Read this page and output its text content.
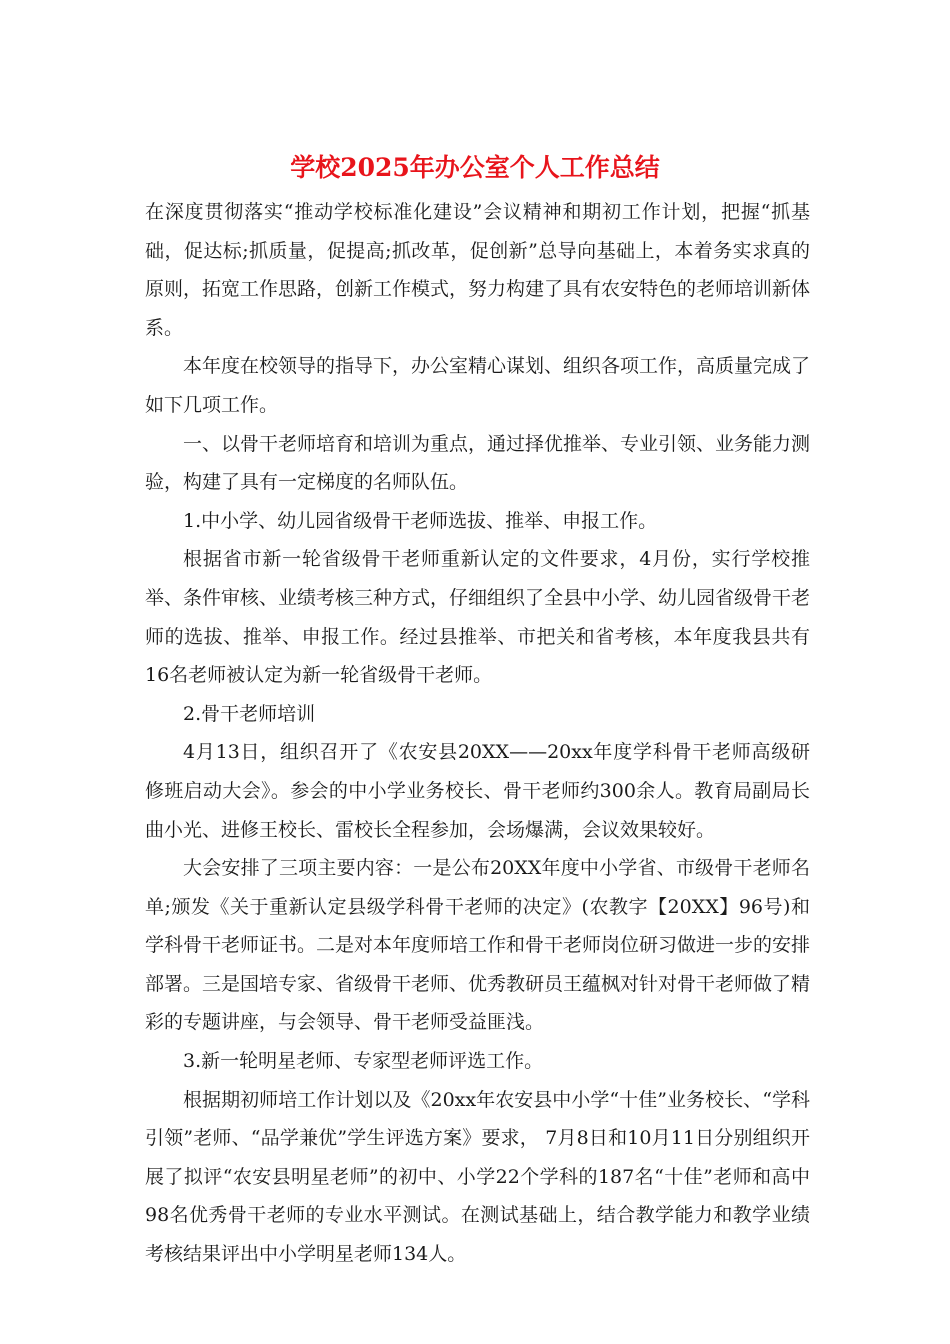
学校2025年办公室个人工作总结

在深度贯彻落实“推动学校标准化建设”会议精神和期初工作计划，把握“抓基础，促达标;抓质量，促提高;抓改革，促创新”总导向基础上，本着务实求真的原则，拓宽工作思路，创新工作模式，努力构建了具有农安特色的老师培训新体系。

本年度在校领导的指导下，办公室精心谋划、组织各项工作，高质量完成了如下几项工作。

一、以骨干老师培育和培训为重点，通过择优推举、专业引领、业务能力测验，构建了具有一定梯度的名师队伍。

1.中小学、幼儿园省级骨干老师选拔、推举、申报工作。

根据省市新一轮省级骨干老师重新认定的文件要求，4月份，实行学校推举、条件审核、业绩考核三种方式，仔细组织了全县中小学、幼儿园省级骨干老师的选拔、推举、申报工作。经过县推举、市把关和省考核，本年度我县共有16名老师被认定为新一轮省级骨干老师。

2.骨干老师培训

4月13日，组织召开了《农安县20XX——20xx年度学科骨干老师高级研修班启动大会》。参会的中小学业务校长、骨干老师约300余人。教育局副局长曲小光、进修王校长、雷校长全程参加，会场爆满，会议效果较好。

大会安排了三项主要内容：一是公布20XX年度中小学省、市级骨干老师名单;颁发《关于重新认定县级学科骨干老师的决定》(农教字【20XX】96号)和学科骨干老师证书。二是对本年度师培工作和骨干老师岗位研习做进一步的安排部署。三是国培专家、省级骨干老师、优秀教研员王蕴枫对针对骨干老师做了精彩的专题讲座，与会领导、骨干老师受益匪浅。

3.新一轮明星老师、专家型老师评选工作。

根据期初师培工作计划以及《20xx年农安县中小学“十佳”业务校长、“学科引领”老师、“品学兼优”学生评选方案》要求， 7月8日和10月11日分别组织开展了拟评“农安县明星老师”的初中、小学22个学科的187名“十佳”老师和高中98名优秀骨干老师的专业水平测试。在测试基础上，结合教学能力和教学业绩考核结果评出中小学明星老师134人。
